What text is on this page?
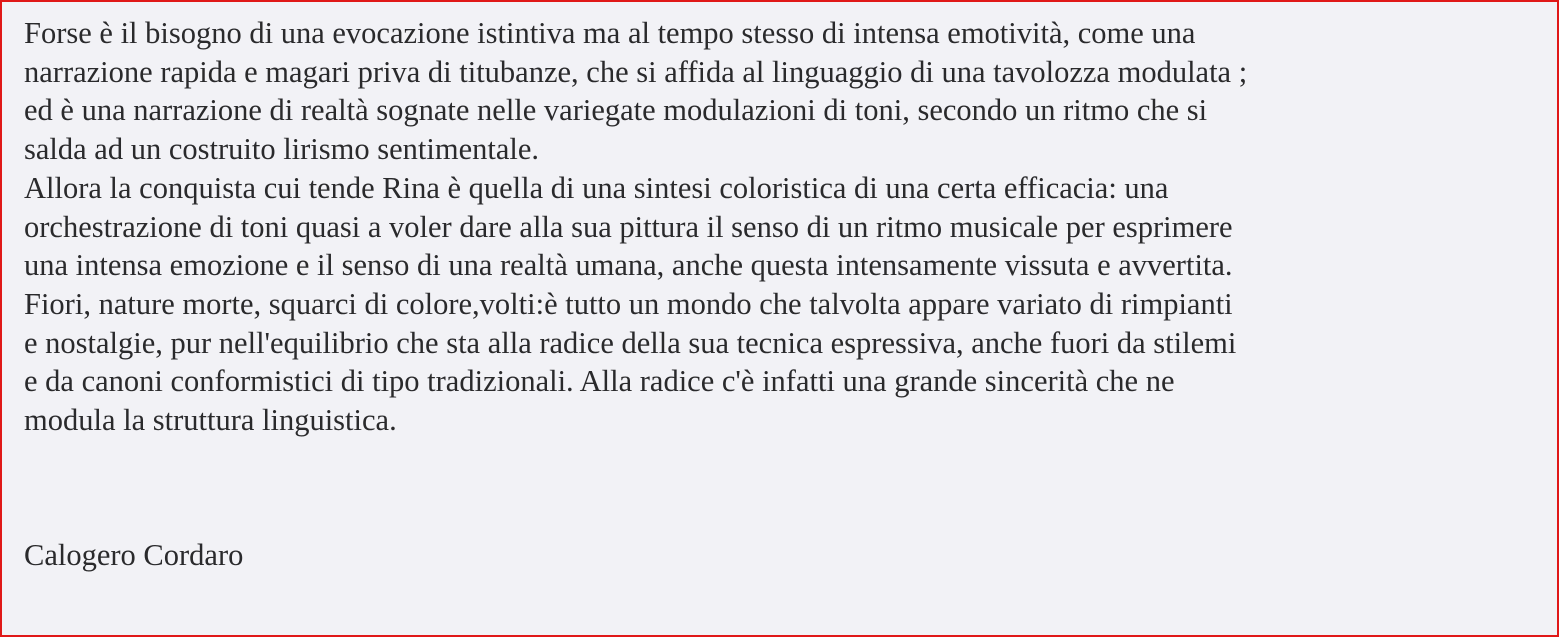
Forse è il bisogno di una evocazione istintiva ma al tempo stesso di intensa emotività, come una
narrazione rapida e magari priva di titubanze, che si affida al linguaggio di una tavolozza modulata ;
ed è una narrazione di realtà sognate nelle variegate modulazioni di toni, secondo un ritmo che si
salda ad un costruito lirismo sentimentale.
Allora la conquista cui tende Rina è quella di una sintesi coloristica di una certa efficacia: una
orchestrazione di toni quasi a voler dare alla sua pittura il senso di un ritmo musicale per esprimere
una intensa emozione e il senso di una realtà umana, anche questa intensamente vissuta e avvertita.
Fiori, nature morte, squarci di colore,volti:è tutto un mondo che talvolta appare variato di rimpianti
e nostalgie, pur nell'equilibrio che sta alla radice della sua tecnica espressiva, anche fuori da stilemi
e da canoni conformistici di tipo tradizionali. Alla radice c'è infatti una grande sincerità che ne
modula la struttura linguistica.
Calogero Cordaro
